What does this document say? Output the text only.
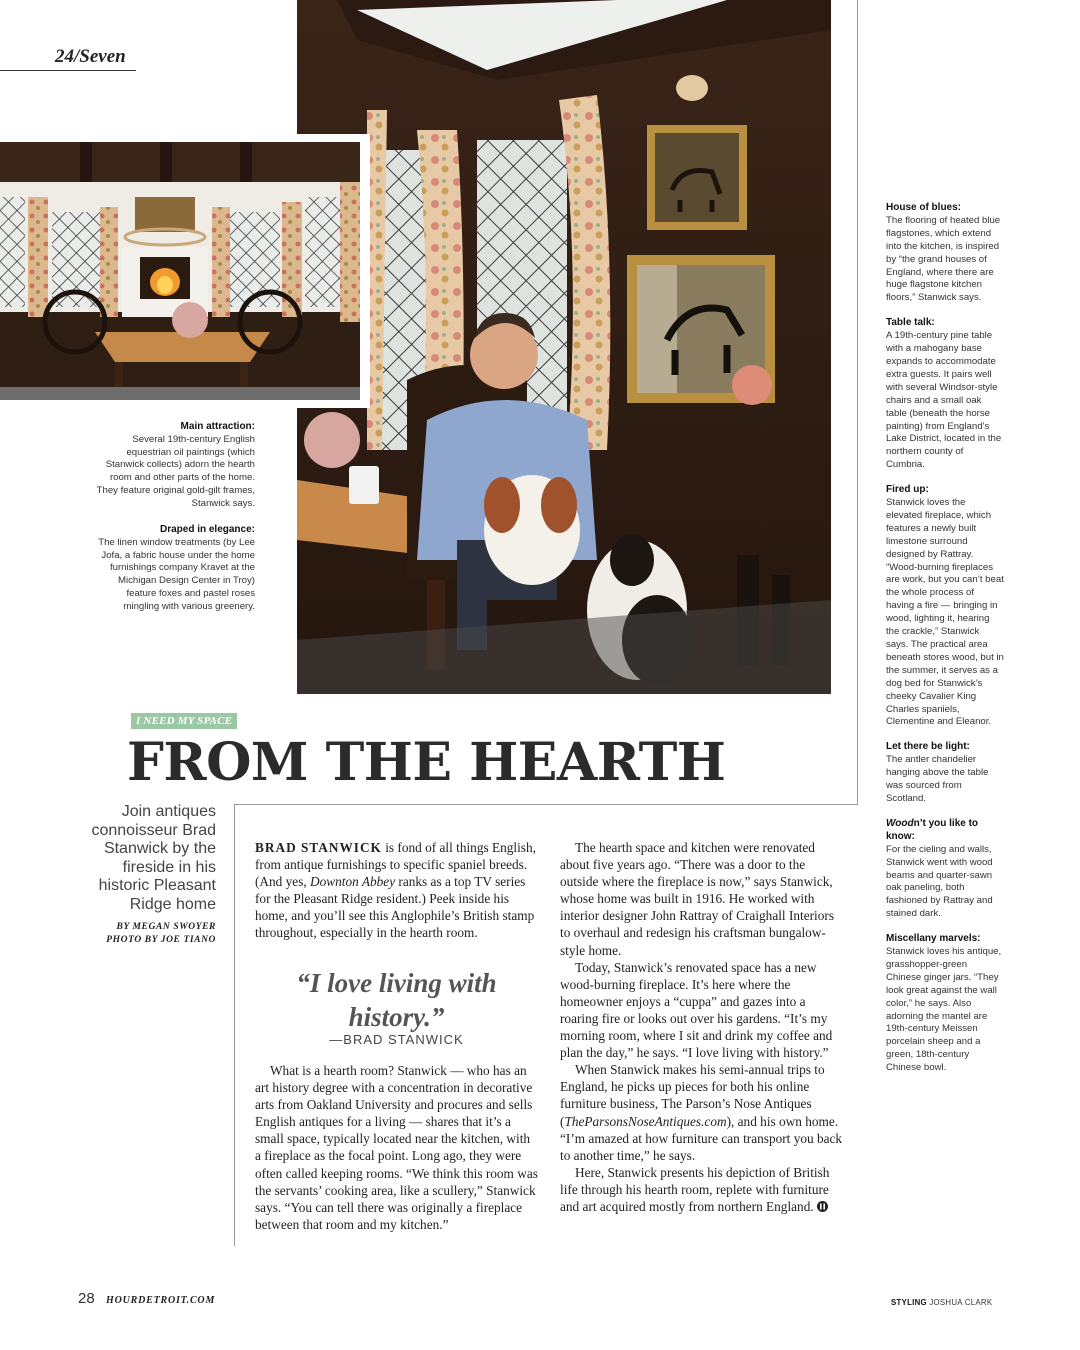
24/Seven
Main attraction:
Several 19th-century English equestrian oil paintings (which Stanwick collects) adorn the hearth room and other parts of the home. They feature original gold-gilt frames, Stanwick says.
Draped in elegance:
The linen window treatments (by Lee Jofa, a fabric house under the home furnishings company Kravet at the Michigan Design Center in Troy) feature foxes and pastel roses mingling with various greenery.
House of blues:
The flooring of heated blue flagstones, which extend into the kitchen, is inspired by “the grand houses of England, where there are huge flagstone kitchen floors,” Stanwick says.
Table talk:
A 19th-century pine table with a mahogany base expands to accommodate extra guests. It pairs well with several Windsor-style chairs and a small oak table (beneath the horse painting) from England’s Lake District, located in the northern county of Cumbria.
Fired up:
Stanwick loves the elevated fireplace, which features a newly built limestone surround designed by Rattray. “Wood-burning fireplaces are work, but you can’t beat the whole process of having a fire — bringing in wood, lighting it, hearing the crackle,” Stanwick says. The practical area beneath stores wood, but in the summer, it serves as a dog bed for Stanwick’s cheeky Cavalier King Charles spaniels, Clementine and Eleanor.
Let there be light:
The antler chandelier hanging above the table was sourced from Scotland.
Woodn’t you like to know:
For the cieling and walls, Stanwick went with wood beams and quarter-sawn oak paneling, both fashioned by Rattray and stained dark.
Miscellany marvels:
Stanwick loves his antique, grasshopper-green Chinese ginger jars. “They look great against the wall color,” he says. Also adorning the mantel are 19th-century Meissen porcelain sheep and a green, 18th-century Chinese bowl.
I NEED MY SPACE
FROM THE HEARTH
Join antiques connoisseur Brad Stanwick by the fireside in his historic Pleasant Ridge home
BY MEGAN SWOYER
PHOTO BY JOE TIANO

BRAD STANWICK is fond of all things English, from antique furnishings to specific spaniel breeds. (And yes, Downton Abbey ranks as a top TV series for the Pleasant Ridge resident.) Peek inside his home, and you’ll see this Anglophile’s British stamp throughout, especially in the hearth room.

“I love living with history.”
—BRAD STANWICK

What is a hearth room? Stanwick — who has an art history degree with a concentration in decorative arts from Oakland University and procures and sells English antiques for a living — shares that it’s a small space, typically located near the kitchen, with a fireplace as the focal point. Long ago, they were often called keeping rooms. “We think this room was the servants’ cooking area, like a scullery,” Stanwick says. “You can tell there was originally a fireplace between that room and my kitchen.”

The hearth space and kitchen were renovated about five years ago. “There was a door to the outside where the fireplace is now,” says Stanwick, whose home was built in 1916. He worked with interior designer John Rattray of Craighall Interiors to overhaul and redesign his craftsman bungalow-style home.

Today, Stanwick’s renovated space has a new wood-burning fireplace. It’s here where the homeowner enjoys a “cuppa” and gazes into a roaring fire or looks out over his gardens. “It’s my morning room, where I sit and drink my coffee and plan the day,” he says. “I love living with history.”

When Stanwick makes his semi-annual trips to England, he picks up pieces for both his online furniture business, The Parson’s Nose Antiques (TheParsonsNoseAntiques.com), and his own home. “I’m amazed at how furniture can transport you back to another time,” he says.

Here, Stanwick presents his depiction of British life through his hearth room, replete with furniture and art acquired mostly from northern England.

28 HOURDETROIT.COM	STYLING JOSHUA CLARK
